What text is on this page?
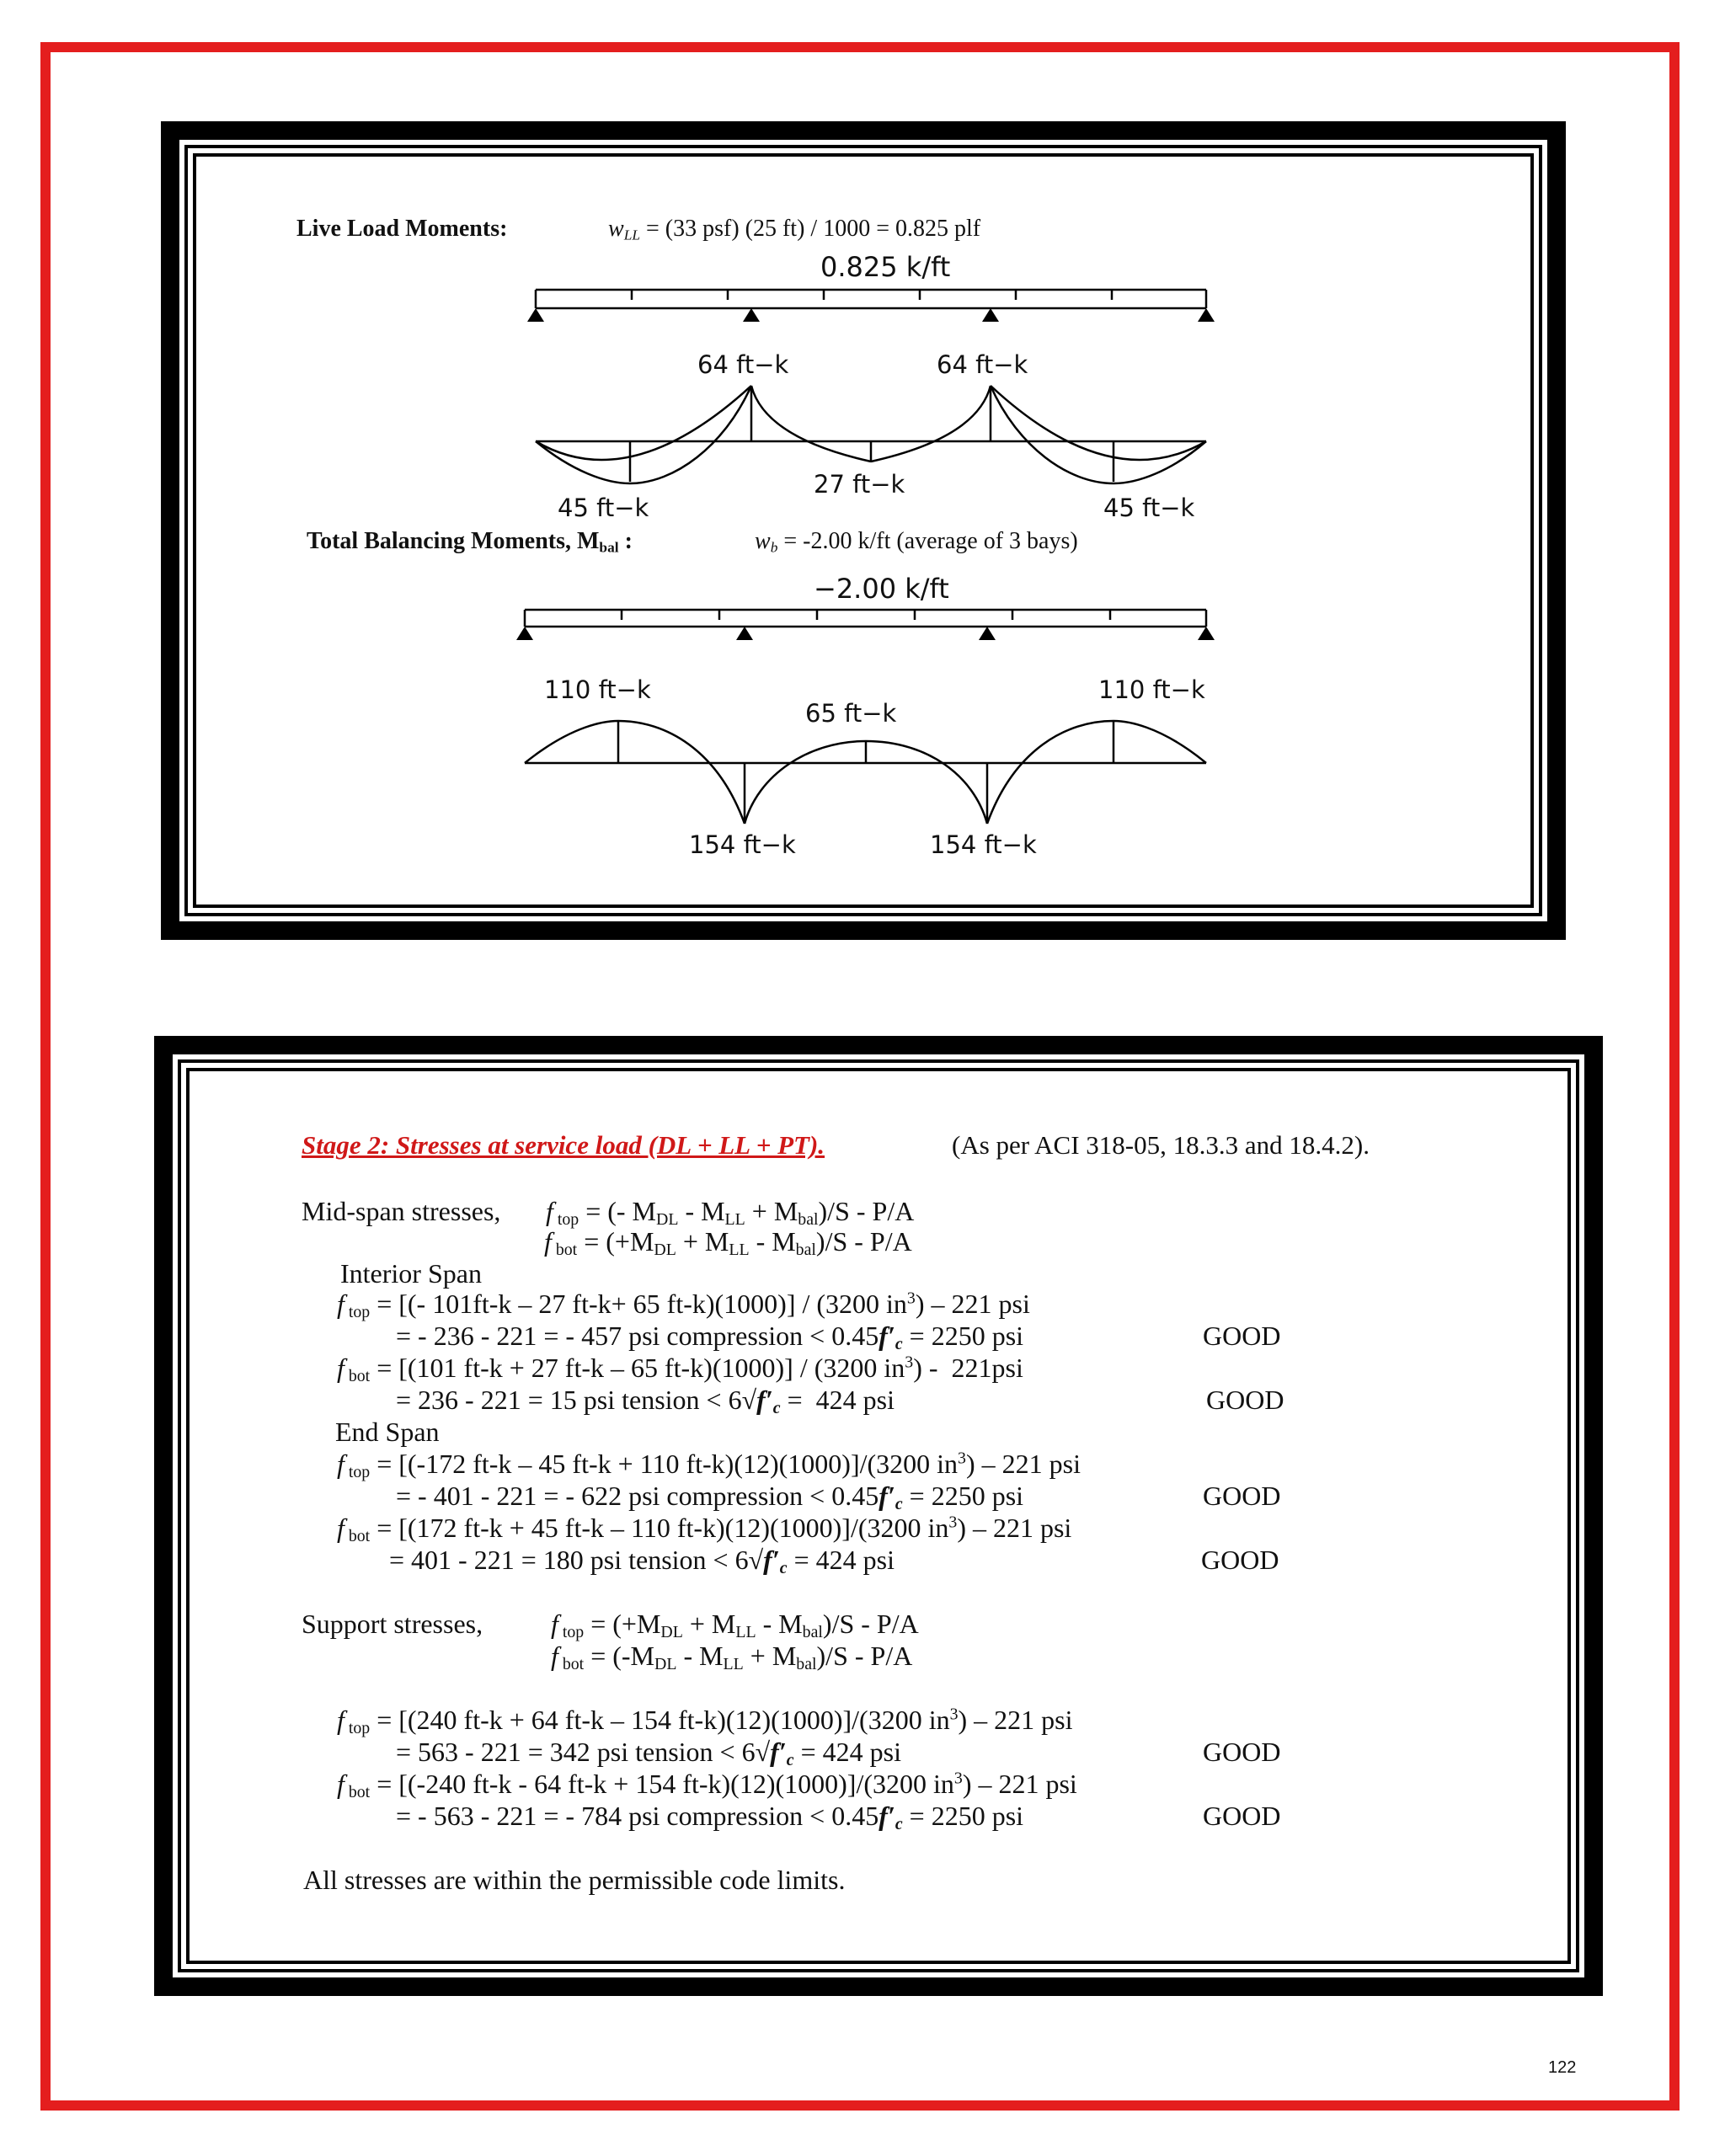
Live Load Moments:	$w_{LL} = (33$ psf) (25 ft) / 1000 = 0.825 plf
0.825 k/ft
64 ft−k	64 ft−k
27 ft−k
45 ft−k	45 ft−k
Total Balancing Moments, $M_{bal}$ :	$w_b = -2.00$ k/ft (average of 3 bays)
−2.00 k/ft
110 ft−k
65 ft−k
110 ft−k
154 ft−k	154 ft−k
Stage 2: Stresses at service load (DL + LL + PT).	(As per ACI 318-05, 18.3.3 and 18.4.2).
Mid-span stresses, f $_{top}$ = (- $M_{DL} - M_{LL} + M_{bal})/S - P/A$
f $_{bot} = (+M_{DL} + M_{LL} - M_{bal})/S - P/A$
Interior Span
f $_{top}$ = [(- 101ft-k – 27 ft-k+ 65 ft-k)(1000)] / (3200 $in^3) - 221$ psi
= - 236 - 221 = - 457 psi compression < $0.45f'_c = 2250$ psi	GOOD
f $_{bot}$ = [(101 ft-k + 27 ft-k – 65 ft-k)(1000)] / (3200 $in^3) - 221psi$
= 236 - 221 = 15 psi tension < $6√f'_c = 424$ psi	GOOD
End Span
f $_{top}$ = [(-172 ft-k – 45 ft-k + 110 ft-k)(12)(1000)]/(3200 $in^3) - 221$ psi
= - 401 - 221 = - 622 psi compression < $0.45f'_c = 2250$ psi	GOOD
f $_{bot}$ = [(172 ft-k + 45 ft-k – 110 ft-k)(12)(1000)]/(3200 $in^3) - 221$ psi
= 401 - 221 = 180 psi tension < $6√f'_c = 424$ psi	GOOD
Support stresses,	f $_{top} = (+M_{DL} + M_{LL} - M_{bal})/S - P/A$
f $_{bot} = (-M_{DL} - M_{LL} + M_{bal})/S - P/A$
f $_{top}$ = [(240 ft-k + 64 ft-k – 154 ft-k)(12)(1000)]/(3200 $in^3) - 221$ psi
= 563 - 221 = 342 psi tension < $6√f'_c = 424$ psi	GOOD
f $_{bot}$ = [(-240 ft-k - 64 ft-k + 154 ft-k)(12)(1000)]/(3200 $in^3) - 221$ psi
= - 563 - 221 = - 784 psi compression < $0.45f'_c = 2250$ psi	GOOD
All stresses are within the permissible code limits.
122
